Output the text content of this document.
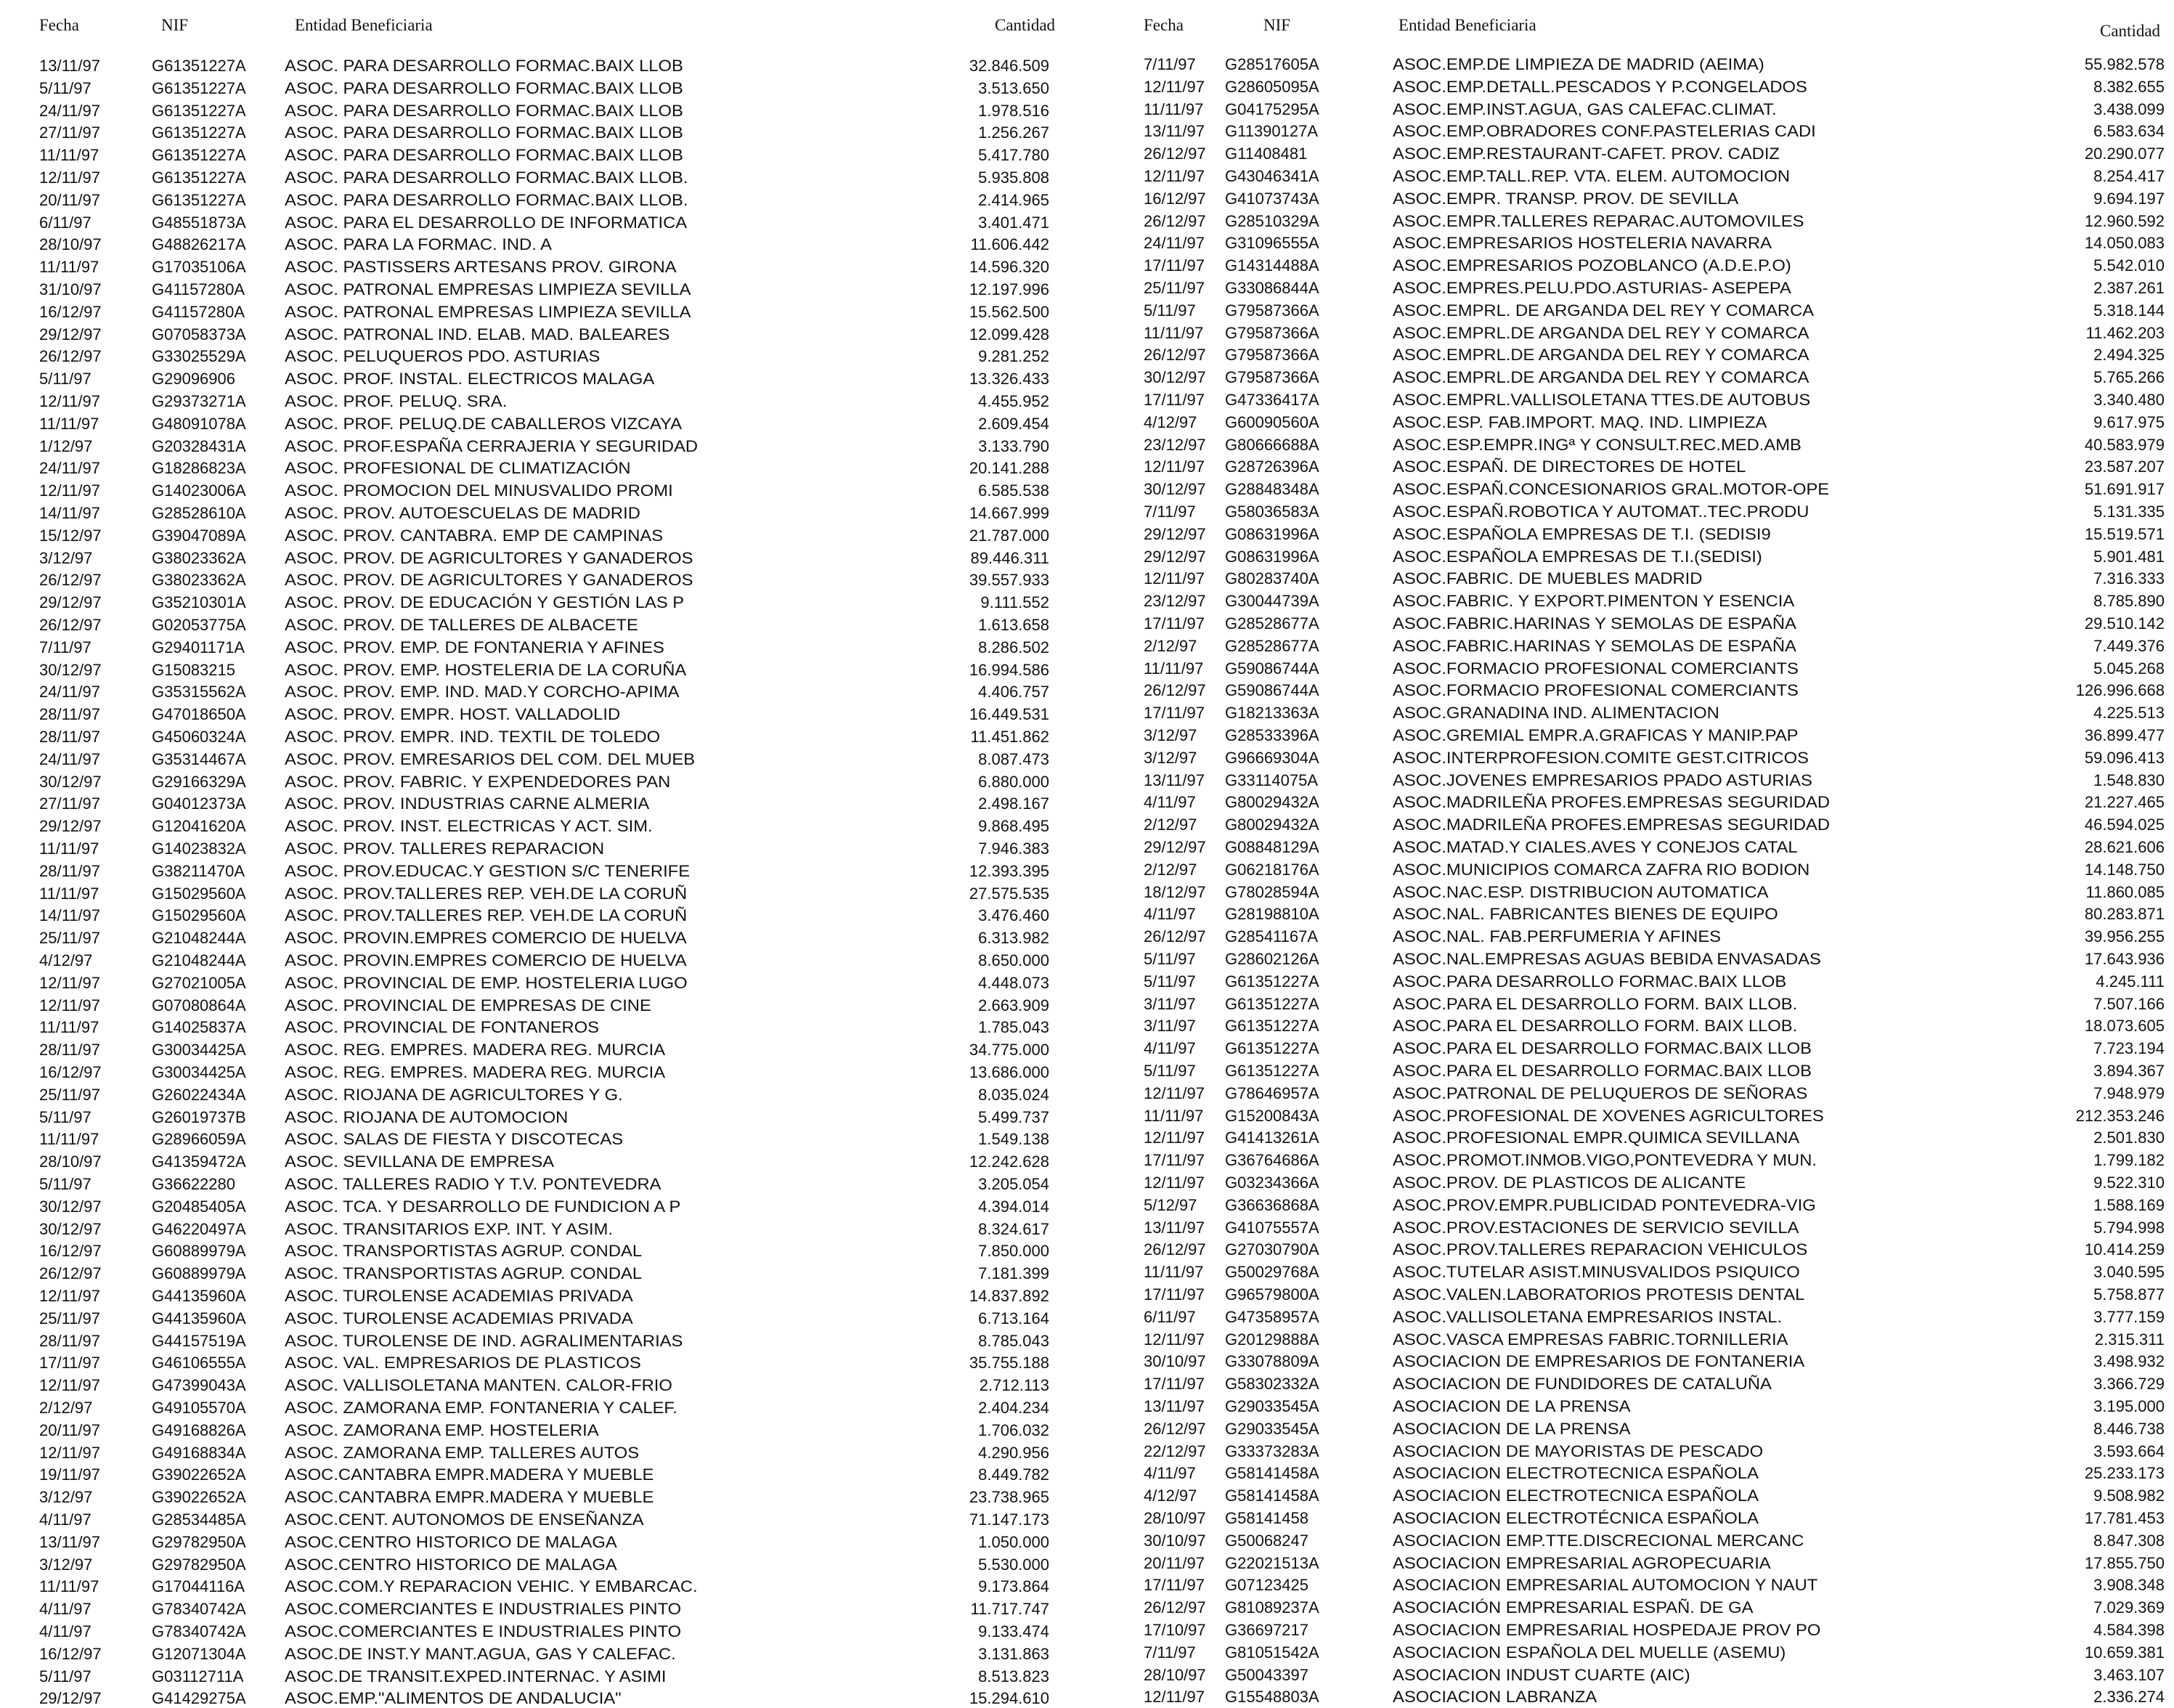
Fecha	NIF	Entidad Beneficiaria	Cantidad
13/11/97	G61351227A ASOC. PARA DESARROLLO FORMAC.BAIX LLOB	32.846.509
5/11/97	G61351227A ASOC. PARA DESARROLLO FORMAC.BAIX LLOB	3.513.650
24/11/97	G61351227A ASOC. PARA DESARROLLO FORMAC.BAIX LLOB	1.978.516
27/11/97	G61351227A ASOC. PARA DESARROLLO FORMAC.BAIX LLOB	1.256.267
11/11/97	G61351227A ASOC. PARA DESARROLLO FORMAC.BAIX LLOB	5.417.780
12/11/97	G61351227A ASOC. PARA DESARROLLO FORMAC.BAIX LLOB.	5.935.808
20/11/97	G61351227A ASOC. PARA DESARROLLO FORMAC.BAIX LLOB.	2.414.965
6/11/97	G48551873A ASOC. PARA EL DESARROLLO DE INFORMATICA	3.401.471
28/10/97	G48826217A ASOC. PARA LA FORMAC. IND. A	11.606.442
11/11/97	G17035106A ASOC. PASTISSERS ARTESANS PROV. GIRONA	14.596.320
31/10/97	G41157280A ASOC. PATRONAL EMPRESAS LIMPIEZA SEVILLA	12.197.996
16/12/97	G41157280A ASOC. PATRONAL EMPRESAS LIMPIEZA SEVILLA	15.562.500
29/12/97	G07058373A ASOC. PATRONAL IND. ELAB. MAD. BALEARES	12.099.428
26/12/97	G33025529A ASOC. PELUQUEROS PDO. ASTURIAS	9.281.252
5/11/97	G29096906	ASOC. PROF. INSTAL. ELECTRICOS MALAGA	13.326.433
12/11/97	G29373271A ASOC. PROF. PELUQ. SRA.	4.455.952
11/11/97	G48091078A ASOC. PROF. PELUQ.DE CABALLEROS VIZCAYA	2.609.454
1/12/97	G20328431A ASOC. PROF.ESPAÑA CERRAJERIA Y SEGURIDAD	3.133.790
24/11/97	G18286823A ASOC. PROFESIONAL DE CLIMATIZACIÓN	20.141.288
12/11/97	G14023006A ASOC. PROMOCION DEL MINUSVALIDO PROMI	6.585.538
14/11/97	G28528610A ASOC. PROV. AUTOESCUELAS DE MADRID	14.667.999
15/12/97	G39047089A ASOC. PROV. CANTABRA. EMP DE CAMPINAS	21.787.000
3/12/97	G38023362A ASOC. PROV. DE AGRICULTORES Y GANADEROS	89.446.311
26/12/97	G38023362A ASOC. PROV. DE AGRICULTORES Y GANADEROS	39.557.933
29/12/97	G35210301A ASOC. PROV. DE EDUCACIÓN Y GESTIÓN LAS P	9.111.552
26/12/97	G02053775A ASOC. PROV. DE TALLERES DE ALBACETE	1.613.658
7/11/97	G29401171A ASOC. PROV. EMP. DE FONTANERIA Y AFINES	8.286.502
30/12/97	G15083215	ASOC. PROV. EMP. HOSTELERIA DE LA CORUÑA	16.994.586
24/11/97	G35315562A ASOC. PROV. EMP. IND. MAD.Y CORCHO-APIMA	4.406.757
28/11/97	G47018650A ASOC. PROV. EMPR. HOST. VALLADOLID	16.449.531
28/11/97	G45060324A ASOC. PROV. EMPR. IND. TEXTIL DE TOLEDO	11.451.862
24/11/97	G35314467A ASOC. PROV. EMRESARIOS DEL COM. DEL MUEB	8.087.473
30/12/97	G29166329A ASOC. PROV. FABRIC. Y EXPENDEDORES PAN	6.880.000
27/11/97	G04012373A ASOC. PROV. INDUSTRIAS CARNE ALMERIA	2.498.167
29/12/97	G12041620A ASOC. PROV. INST. ELECTRICAS Y ACT. SIM.	9.868.495
11/11/97	G14023832A ASOC. PROV. TALLERES REPARACION	7.946.383
28/11/97	G38211470A ASOC. PROV.EDUCAC.Y GESTION S/C TENERIFE	12.393.395
11/11/97	G15029560A ASOC. PROV.TALLERES REP. VEH.DE LA CORUÑ	27.575.535
14/11/97	G15029560A ASOC. PROV.TALLERES REP. VEH.DE LA CORUÑ	3.476.460
25/11/97	G21048244A ASOC. PROVIN.EMPRES COMERCIO DE HUELVA	6.313.982
4/12/97	G21048244A ASOC. PROVIN.EMPRES COMERCIO DE HUELVA	8.650.000
12/11/97	G27021005A ASOC. PROVINCIAL DE EMP. HOSTELERIA LUGO	4.448.073
12/11/97	G07080864A ASOC. PROVINCIAL DE EMPRESAS DE CINE	2.663.909
11/11/97	G14025837A ASOC. PROVINCIAL DE FONTANEROS	1.785.043
28/11/97	G30034425A ASOC. REG. EMPRES. MADERA REG. MURCIA	34.775.000
16/12/97	G30034425A ASOC. REG. EMPRES. MADERA REG. MURCIA	13.686.000
25/11/97	G26022434A ASOC. RIOJANA DE AGRICULTORES Y G.	8.035.024
5/11/97	G26019737B ASOC. RIOJANA DE AUTOMOCION	5.499.737
11/11/97	G28966059A ASOC. SALAS DE FIESTA Y DISCOTECAS	1.549.138
28/10/97	G41359472A ASOC. SEVILLANA DE EMPRESA	12.242.628
5/11/97	G36622280	ASOC. TALLERES RADIO Y T.V. PONTEVEDRA	3.205.054
30/12/97	G20485405A ASOC. TCA. Y DESARROLLO DE FUNDICION A P	4.394.014
30/12/97	G46220497A ASOC. TRANSITARIOS EXP. INT. Y ASIM.	8.324.617
16/12/97	G60889979A ASOC. TRANSPORTISTAS AGRUP. CONDAL	7.850.000
26/12/97	G60889979A ASOC. TRANSPORTISTAS AGRUP. CONDAL	7.181.399
12/11/97	G44135960A ASOC. TUROLENSE ACADEMIAS PRIVADA	14.837.892
25/11/97	G44135960A ASOC. TUROLENSE ACADEMIAS PRIVADA	6.713.164
28/11/97	G44157519A ASOC. TUROLENSE DE IND. AGRALIMENTARIAS	8.785.043
17/11/97	G46106555A ASOC. VAL. EMPRESARIOS DE PLASTICOS	35.755.188
12/11/97	G47399043A ASOC. VALLISOLETANA MANTEN. CALOR-FRIO	2.712.113
2/12/97	G49105570A ASOC. ZAMORANA EMP. FONTANERIA Y CALEF.	2.404.234
20/11/97	G49168826A ASOC. ZAMORANA EMP. HOSTELERIA	1.706.032
12/11/97	G49168834A ASOC. ZAMORANA EMP. TALLERES AUTOS	4.290.956
19/11/97	G39022652A ASOC.CANTABRA EMPR.MADERA Y MUEBLE	8.449.782
3/12/97	G39022652A ASOC.CANTABRA EMPR.MADERA Y MUEBLE	23.738.965
4/11/97	G28534485A ASOC.CENT. AUTONOMOS DE ENSEÑANZA	71.147.173
13/11/97	G29782950A ASOC.CENTRO HISTORICO DE MALAGA	1.050.000
3/12/97	G29782950A ASOC.CENTRO HISTORICO DE MALAGA	5.530.000
11/11/97	G17044116A ASOC.COM.Y REPARACION VEHIC. Y EMBARCAC.	9.173.864
4/11/97	G78340742A ASOC.COMERCIANTES E INDUSTRIALES PINTO	11.717.747
4/11/97	G78340742A ASOC.COMERCIANTES E INDUSTRIALES PINTO	9.133.474
16/12/97	G12071304A ASOC.DE INST.Y MANT.AGUA, GAS Y CALEFAC.	3.131.863
5/11/97	G03112711A	ASOC.DE TRANSIT.EXPED.INTERNAC. Y ASIMI	8.513.823
29/12/97	G41429275A ASOC.EMP."ALIMENTOS DE ANDALUCIA"	15.294.610
Fecha	NIF	Entidad Beneficiaria	Cantidad
7/11/97 G28517605A	ASOC.EMP.DE LIMPIEZA DE MADRID (AEIMA)	55.982.578
12/11/97 G28605095A	ASOC.EMP.DETALL.PESCADOS Y P.CONGELADOS	8.382.655
11/11/97 G04175295A	ASOC.EMP.INST.AGUA, GAS CALEFAC.CLIMAT.	3.438.099
13/11/97 G11390127A	ASOC.EMP.OBRADORES CONF.PASTELERIAS CADI	6.583.634
26/12/97 G11408481	ASOC.EMP.RESTAURANT-CAFET. PROV. CADIZ	20.290.077
12/11/97 G43046341A	ASOC.EMP.TALL.REP. VTA. ELEM. AUTOMOCION	8.254.417
16/12/97 G41073743A	ASOC.EMPR. TRANSP. PROV. DE SEVILLA	9.694.197
26/12/97 G28510329A	ASOC.EMPR.TALLERES REPARAC.AUTOMOVILES	12.960.592
24/11/97 G31096555A	ASOC.EMPRESARIOS HOSTELERIA NAVARRA	14.050.083
17/11/97 G14314488A	ASOC.EMPRESARIOS POZOBLANCO (A.D.E.P.O)	5.542.010
25/11/97 G33086844A	ASOC.EMPRES.PELU.PDO.ASTURIAS- ASEPEPA	2.387.261
5/11/97 G79587366A	ASOC.EMPRL. DE ARGANDA DEL REY Y COMARCA	5.318.144
11/11/97 G79587366A	ASOC.EMPRL.DE ARGANDA DEL REY Y COMARCA	11.462.203
26/12/97 G79587366A	ASOC.EMPRL.DE ARGANDA DEL REY Y COMARCA	2.494.325
30/12/97 G79587366A	ASOC.EMPRL.DE ARGANDA DEL REY Y COMARCA	5.765.266
17/11/97 G47336417A	ASOC.EMPRL.VALLISOLETANA TTES.DE AUTOBUS	3.340.480
4/12/97 G60090560A	ASOC.ESP. FAB.IMPORT. MAQ. IND. LIMPIEZA	9.617.975
23/12/97 G80666688A	ASOC.ESP.EMPR.INGª Y CONSULT.REC.MED.AMB	40.583.979
12/11/97 G28726396A	ASOC.ESPAÑ. DE DIRECTORES DE HOTEL	23.587.207
30/12/97 G28848348A	ASOC.ESPAÑ.CONCESIONARIOS GRAL.MOTOR-OPE	51.691.917
7/11/97 G58036583A	ASOC.ESPAÑ.ROBOTICA Y AUTOMAT..TEC.PRODU	5.131.335
29/12/97 G08631996A	ASOC.ESPAÑOLA EMPRESAS DE T.I. (SEDISI9	15.519.571
29/12/97 G08631996A	ASOC.ESPAÑOLA EMPRESAS DE T.I.(SEDISI)	5.901.481
12/11/97 G80283740A	ASOC.FABRIC. DE MUEBLES MADRID	7.316.333
23/12/97 G30044739A	ASOC.FABRIC. Y EXPORT.PIMENTON Y ESENCIA	8.785.890
17/11/97 G28528677A	ASOC.FABRIC.HARINAS Y SEMOLAS DE ESPAÑA	29.510.142
2/12/97 G28528677A	ASOC.FABRIC.HARINAS Y SEMOLAS DE ESPAÑA	7.449.376
11/11/97 G59086744A	ASOC.FORMACIO PROFESIONAL COMERCIANTS	5.045.268
26/12/97 G59086744A	ASOC.FORMACIO PROFESIONAL COMERCIANTS	126.996.668
17/11/97 G18213363A	ASOC.GRANADINA IND. ALIMENTACION	4.225.513
3/12/97 G28533396A	ASOC.GREMIAL EMPR.A.GRAFICAS Y MANIP.PAP	36.899.477
3/12/97 G96669304A	ASOC.INTERPROFESION.COMITE GEST.CITRICOS	59.096.413
13/11/97 G33114075A	ASOC.JOVENES EMPRESARIOS PPADO ASTURIAS	1.548.830
4/11/97 G80029432A	ASOC.MADRILEÑA PROFES.EMPRESAS SEGURIDAD	21.227.465
2/12/97 G80029432A	ASOC.MADRILEÑA PROFES.EMPRESAS SEGURIDAD	46.594.025
29/12/97 G08848129A	ASOC.MATAD.Y CIALES.AVES Y CONEJOS CATAL	28.621.606
2/12/97 G06218176A	ASOC.MUNICIPIOS COMARCA ZAFRA RIO BODION	14.148.750
18/12/97 G78028594A	ASOC.NAC.ESP. DISTRIBUCION AUTOMATICA	11.860.085
4/11/97 G28198810A	ASOC.NAL. FABRICANTES BIENES DE EQUIPO	80.283.871
26/12/97 G28541167A	ASOC.NAL. FAB.PERFUMERIA Y AFINES	39.956.255
5/11/97 G28602126A	ASOC.NAL.EMPRESAS AGUAS BEBIDA ENVASADAS	17.643.936
5/11/97 G61351227A	ASOC.PARA DESARROLLO FORMAC.BAIX LLOB	4.245.111
3/11/97 G61351227A	ASOC.PARA EL DESARROLLO FORM. BAIX LLOB.	7.507.166
3/11/97 G61351227A	ASOC.PARA EL DESARROLLO FORM. BAIX LLOB.	18.073.605
4/11/97 G61351227A	ASOC.PARA EL DESARROLLO FORMAC.BAIX LLOB	7.723.194
5/11/97 G61351227A	ASOC.PARA EL DESARROLLO FORMAC.BAIX LLOB	3.894.367
12/11/97 G78646957A	ASOC.PATRONAL DE PELUQUEROS DE SEÑORAS	7.948.979
11/11/97 G15200843A	ASOC.PROFESIONAL DE XOVENES AGRICULTORES	212.353.246
12/11/97 G41413261A	ASOC.PROFESIONAL EMPR.QUIMICA SEVILLANA	2.501.830
17/11/97 G36764686A	ASOC.PROMOT.INMOB.VIGO,PONTEVEDRA Y MUN.	1.799.182
12/11/97 G03234366A	ASOC.PROV. DE PLASTICOS DE ALICANTE	9.522.310
5/12/97 G36636868A	ASOC.PROV.EMPR.PUBLICIDAD PONTEVEDRA-VIG	1.588.169
13/11/97 G41075557A	ASOC.PROV.ESTACIONES DE SERVICIO SEVILLA	5.794.998
26/12/97 G27030790A	ASOC.PROV.TALLERES REPARACION VEHICULOS	10.414.259
11/11/97 G50029768A	ASOC.TUTELAR ASIST.MINUSVALIDOS PSIQUICO	3.040.595
17/11/97 G96579800A	ASOC.VALEN.LABORATORIOS PROTESIS DENTAL	5.758.877
6/11/97 G47358957A	ASOC.VALLISOLETANA EMPRESARIOS INSTAL.	3.777.159
12/11/97 G20129888A	ASOC.VASCA EMPRESAS FABRIC.TORNILLERIA	2.315.311
30/10/97 G33078809A	ASOCIACION DE EMPRESARIOS DE FONTANERIA	3.498.932
17/11/97 G58302332A	ASOCIACION DE FUNDIDORES DE CATALUÑA	3.366.729
13/11/97 G29033545A	ASOCIACION DE LA PRENSA	3.195.000
26/12/97 G29033545A	ASOCIACION DE LA PRENSA	8.446.738
22/12/97 G33373283A	ASOCIACION DE MAYORISTAS DE PESCADO	3.593.664
4/11/97 G58141458A	ASOCIACION ELECTROTECNICA ESPAÑOLA	25.233.173
4/12/97 G58141458A	ASOCIACION ELECTROTECNICA ESPAÑOLA	9.508.982
28/10/97 G58141458	ASOCIACION ELECTROTÉCNICA ESPAÑOLA	17.781.453
30/10/97 G50068247	ASOCIACION EMP.TTE.DISCRECIONAL MERCANC	8.847.308
20/11/97 G22021513A	ASOCIACION EMPRESARIAL AGROPECUARIA	17.855.750
17/11/97 G07123425	ASOCIACION EMPRESARIAL AUTOMOCION Y NAUT	3.908.348
26/12/97 G81089237A	ASOCIACIÓN EMPRESARIAL ESPAÑ. DE GA	7.029.369
17/10/97 G36697217	ASOCIACION EMPRESARIAL HOSPEDAJE PROV PO	4.584.398
7/11/97 G81051542A	ASOCIACION ESPAÑOLA DEL MUELLE (ASEMU)	10.659.381
28/10/97 G50043397	ASOCIACION INDUST CUARTE (AIC)	3.463.107
12/11/97 G15548803A	ASOCIACION LABRANZA	2.336.274
